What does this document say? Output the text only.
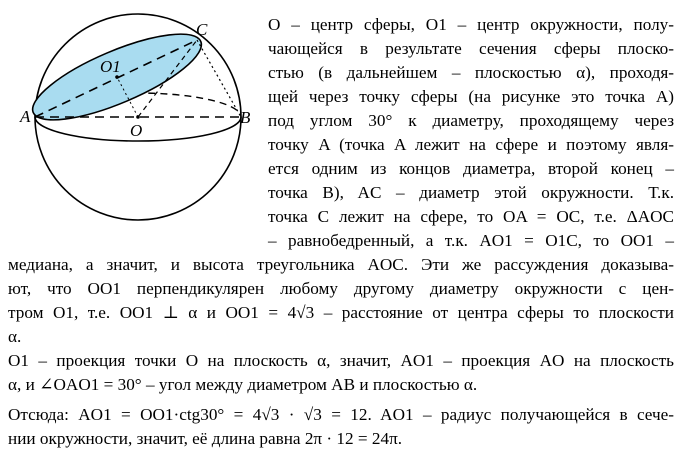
C
O1
A
O
B
O – центр сферы, O1 – центр окружности, полу-
чающейся в результате сечения сферы плоско-
стью (в дальнейшем – плоскостью α), проходя-
щей через точку сферы (на рисунке это точка A)
под углом 30° к диаметру, проходящему через
точку A (точка A лежит на сфере и поэтому явля-
ется одним из концов диаметра, второй конец –
точка B), AC – диаметр этой окружности. Т.к.
точка C лежит на сфере, то OA = OC, т.е. ΔAOC
– равнобедренный, а т.к. AO1 = O1C, то OO1 –
медиана, а значит, и высота треугольника AOC. Эти же рассуждения доказыва-
ют, что OO1 перпендикулярен любому другому диаметру окружности с цен-
тром O1, т.е. OO1 ⊥ α и OO1 = 4√3 – расстояние от центра сферы то плоскости
α.
O1 – проекция точки O на плоскость α, значит, AO1 – проекция AO на плоскость
α, и ∠OAO1 = 30° – угол между диаметром AB и плоскостью α.
Отсюда: AO1 = OO1·ctg30° = 4√3 · √3 = 12. AO1 – радиус получающейся в сече-
нии окружности, значит, её длина равна 2π · 12 = 24π.
